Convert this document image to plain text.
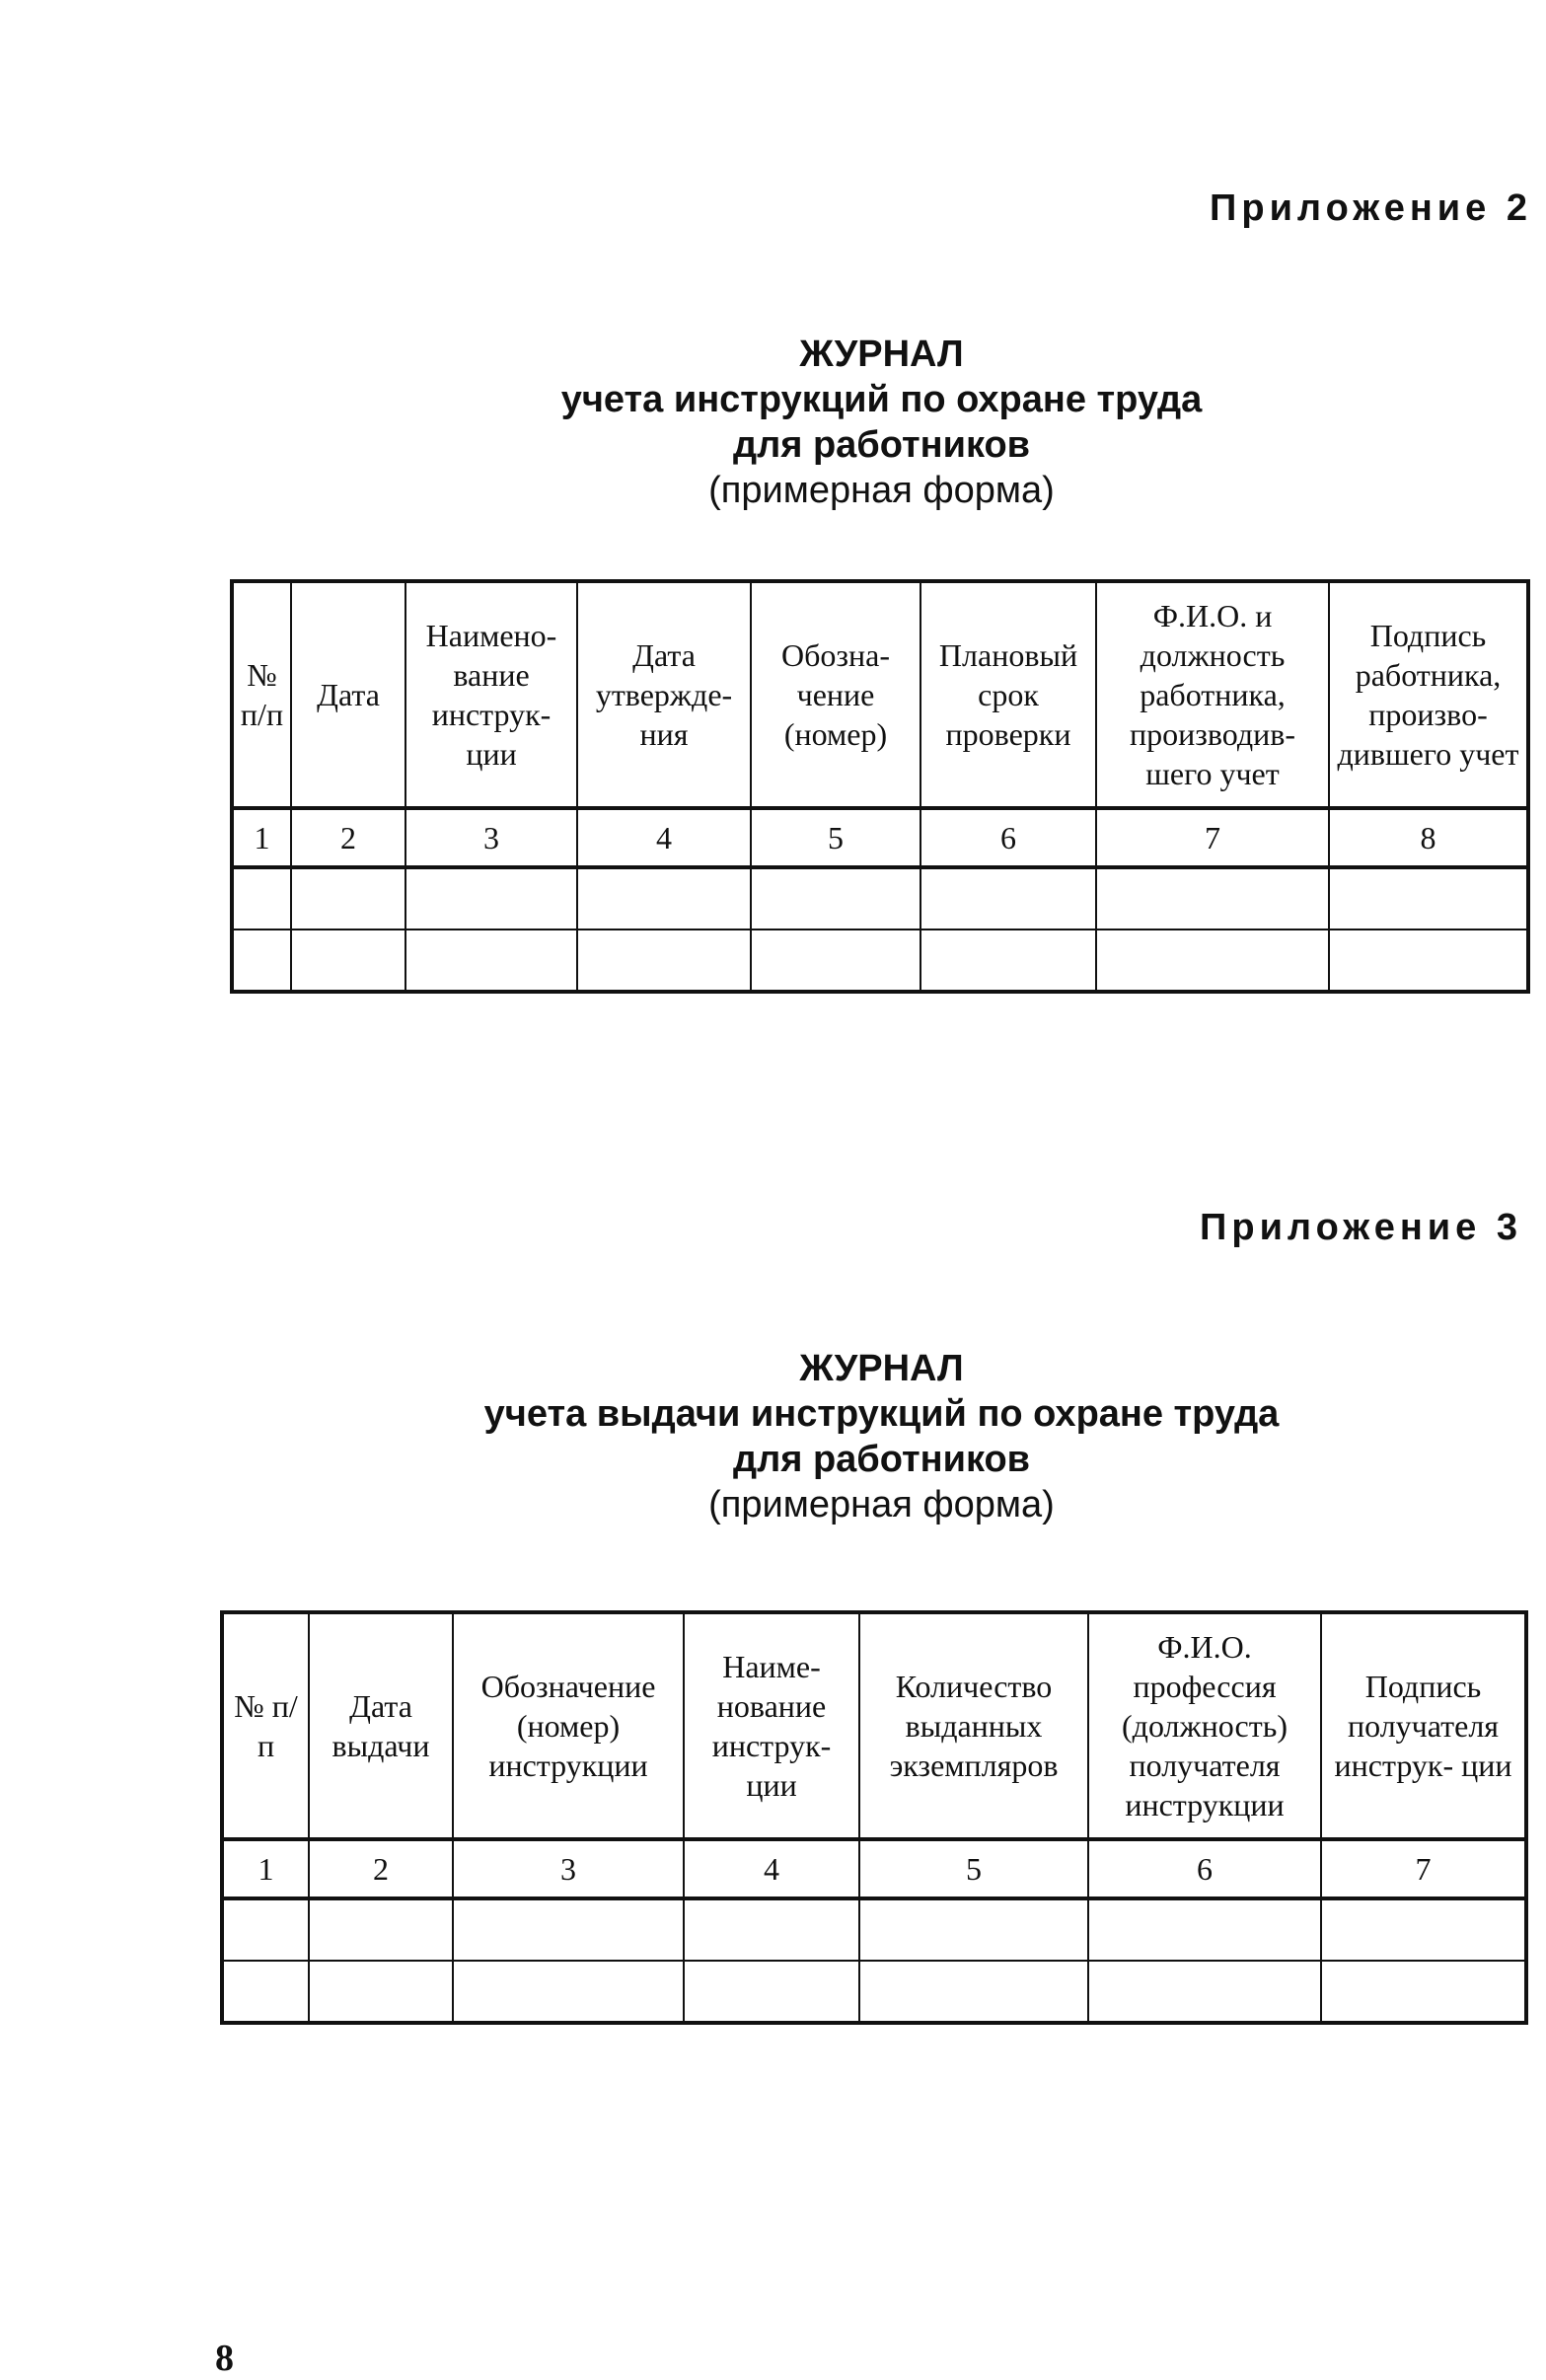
Приложение 2
ЖУРНАЛ
учета инструкций по охране труда
для работников
(примерная форма)
№ п/п	Дата	Наимено- вание инструк- ции	Дата утвержде- ния	Обозна- чение (номер)	Плановый срок проверки	Ф.И.О. и должность работника, производив- шего учет	Подпись работника, произво- дившего учет
1	2	3	4	5	6	7	8

Приложение 3
ЖУРНАЛ
учета выдачи инструкций по охране труда
для работников
(примерная форма)
№ п/п	Дата выдачи	Обозначение (номер) инструкции	Наиме- нование инструк- ции	Количество выданных экземпляров	Ф.И.О. профессия (должность) получателя инструкции	Подпись получателя инструк- ции
1	2	3	4	5	6	7

8
